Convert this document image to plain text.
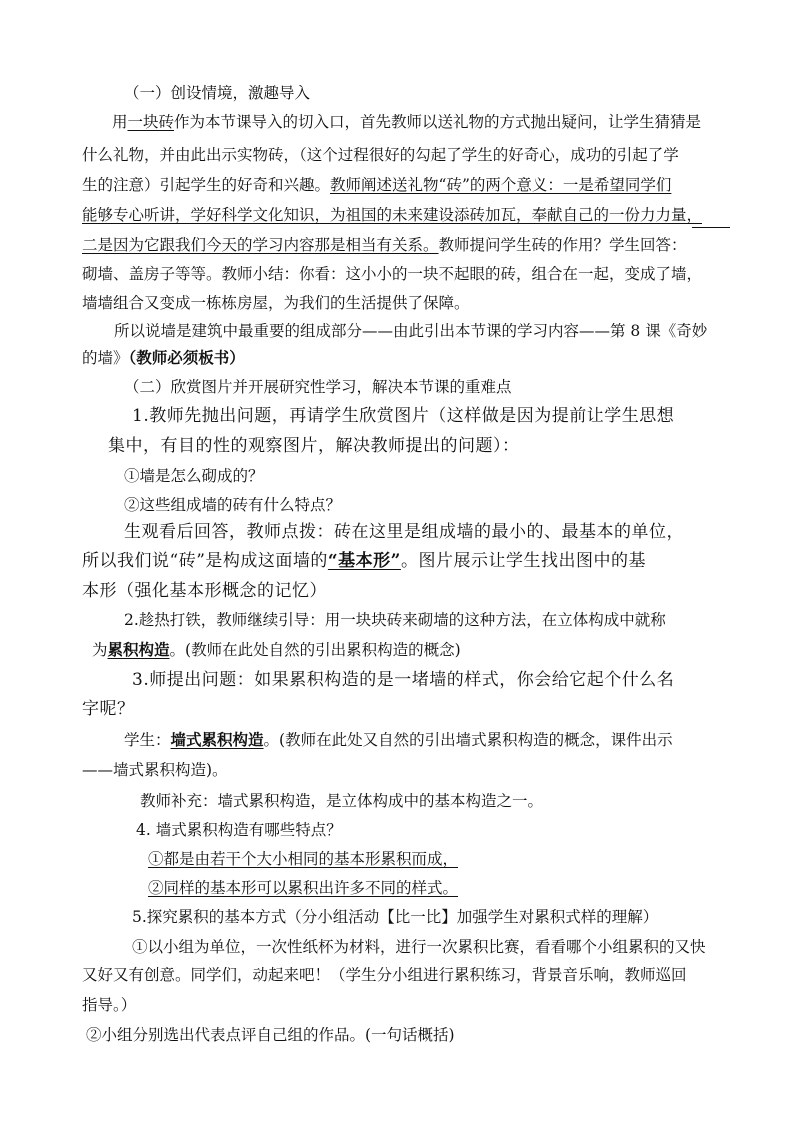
（一）创设情境，激趣导入
用一块砖作为本节课导入的切入口，首先教师以送礼物的方式抛出疑问，让学生猜猜是
什么礼物，并由此出示实物砖，（这个过程很好的勾起了学生的好奇心，成功的引起了学
生的注意）引起学生的好奇和兴趣。教师阐述送礼物“砖”的两个意义：一是希望同学们
能够专心听讲，学好科学文化知识，为祖国的未来建设添砖加瓦，奉献自己的一份力力量，
二是因为它跟我们今天的学习内容那是相当有关系。教师提问学生砖的作用？学生回答：
砌墙、盖房子等等。教师小结：你看：这小小的一块不起眼的砖，组合在一起，变成了墙，
墙墙组合又变成一栋栋房屋，为我们的生活提供了保障。
所以说墙是建筑中最重要的组成部分——由此引出本节课的学习内容——第 8 课《奇妙
的墙》（教师必须板书）
（二）欣赏图片并开展研究性学习，解决本节课的重难点
1.教师先抛出问题，再请学生欣赏图片（这样做是因为提前让学生思想
集中，有目的性的观察图片，解决教师提出的问题）：
①墙是怎么砌成的？
②这些组成墙的砖有什么特点？
生观看后回答，教师点拨：砖在这里是组成墙的最小的、最基本的单位，
所以我们说“砖”是构成这面墙的“基本形”。图片展示让学生找出图中的基
本形（强化基本形概念的记忆）
2.趁热打铁，教师继续引导：用一块块砖来砌墙的这种方法，在立体构成中就称
为累积构造。(教师在此处自然的引出累积构造的概念)
3.师提出问题：如果累积构造的是一堵墙的样式，你会给它起个什么名
字呢？
学生：墙式累积构造。(教师在此处又自然的引出墙式累积构造的概念，课件出示
——墙式累积构造)。
教师补充：墙式累积构造，是立体构成中的基本构造之一。
4. 墙式累积构造有哪些特点？
①都是由若干个大小相同的基本形累积而成，
②同样的基本形可以累积出许多不同的样式。
5.探究累积的基本方式（分小组活动【比一比】加强学生对累积式样的理解）
①以小组为单位，一次性纸杯为材料，进行一次累积比赛，看看哪个小组累积的又快
又好又有创意。同学们，动起来吧！（学生分小组进行累积练习，背景音乐响，教师巡回
指导。）
②小组分别选出代表点评自己组的作品。(一句话概括)
